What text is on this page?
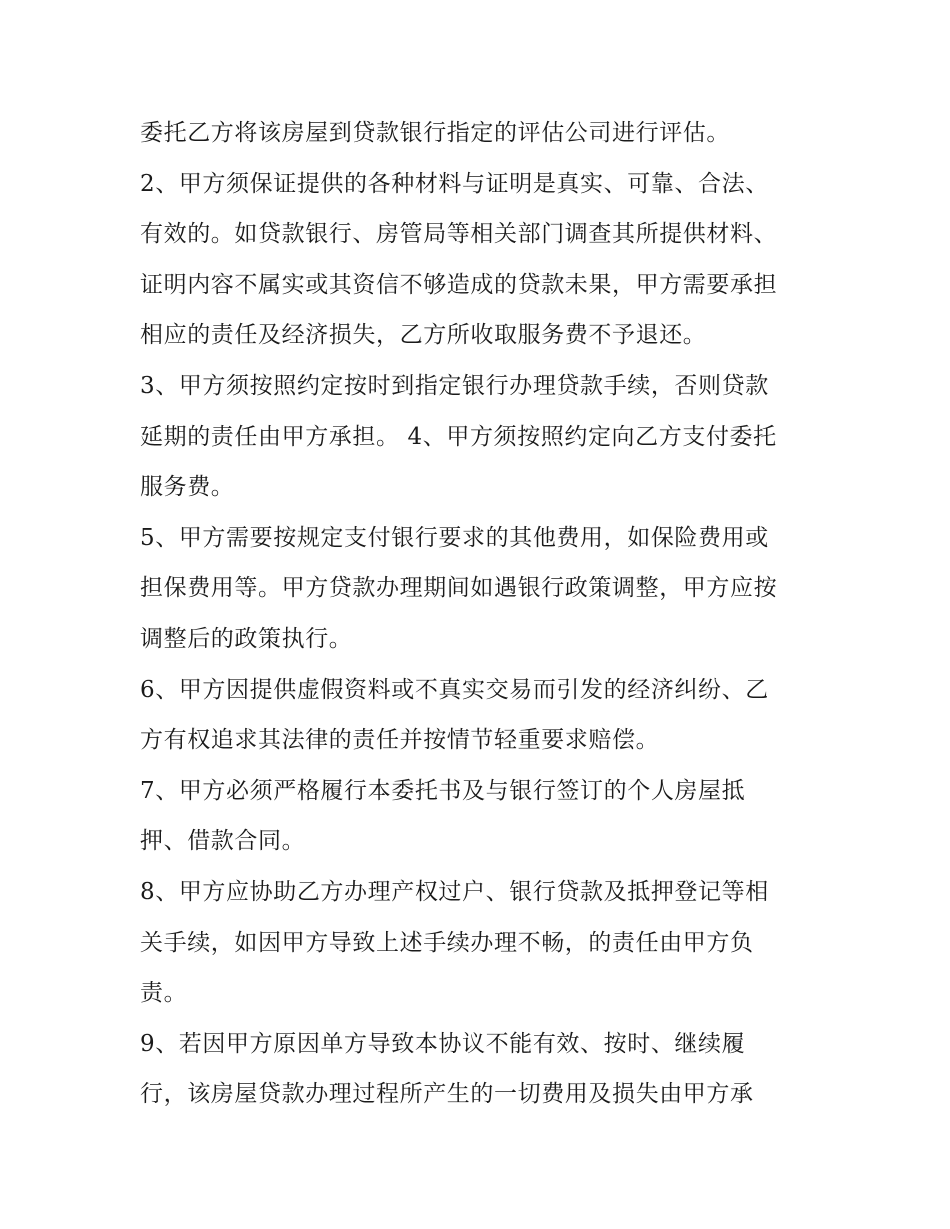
委托乙方将该房屋到贷款银行指定的评估公司进行评估。
2、甲方须保证提供的各种材料与证明是真实、可靠、合法、
有效的。如贷款银行、房管局等相关部门调查其所提供材料、
证明内容不属实或其资信不够造成的贷款未果，甲方需要承担
相应的责任及经济损失，乙方所收取服务费不予退还。
3、甲方须按照约定按时到指定银行办理贷款手续，否则贷款
延期的责任由甲方承担。 4、甲方须按照约定向乙方支付委托
服务费。
5、甲方需要按规定支付银行要求的其他费用，如保险费用或
担保费用等。甲方贷款办理期间如遇银行政策调整，甲方应按
调整后的政策执行。
6、甲方因提供虚假资料或不真实交易而引发的经济纠纷、乙
方有权追求其法律的责任并按情节轻重要求赔偿。
7、甲方必须严格履行本委托书及与银行签订的个人房屋抵
押、借款合同。
8、甲方应协助乙方办理产权过户、银行贷款及抵押登记等相
关手续，如因甲方导致上述手续办理不畅，的责任由甲方负
责。
9、若因甲方原因单方导致本协议不能有效、按时、继续履
行，该房屋贷款办理过程所产生的一切费用及损失由甲方承
